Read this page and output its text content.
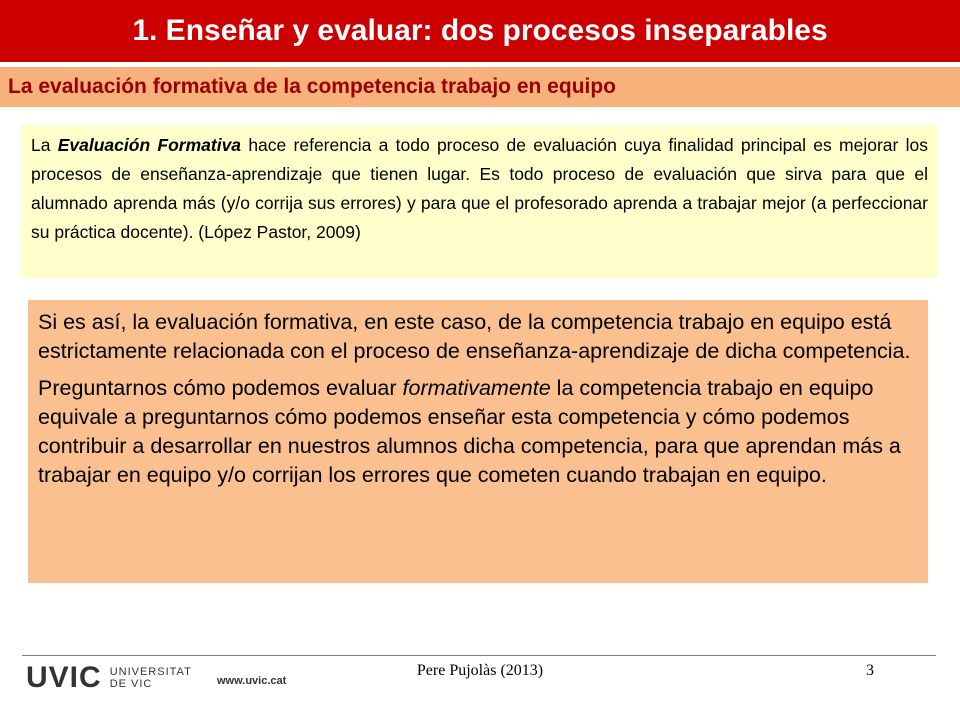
1. Enseñar y evaluar: dos procesos inseparables
La evaluación formativa de la competencia trabajo en equipo
La Evaluación Formativa hace referencia a todo proceso de evaluación cuya finalidad principal es mejorar los procesos de enseñanza-aprendizaje que tienen lugar. Es todo proceso de evaluación que sirva para que el alumnado aprenda más (y/o corrija sus errores) y para que el profesorado aprenda a trabajar mejor (a perfeccionar su práctica docente). (López Pastor, 2009)

Si es así, la evaluación formativa, en este caso, de la competencia trabajo en equipo está estrictamente relacionada con el proceso de enseñanza-aprendizaje de dicha competencia.

Preguntarnos cómo podemos evaluar formativamente la competencia trabajo en equipo equivale a preguntarnos cómo podemos enseñar esta competencia y cómo podemos contribuir a desarrollar en nuestros alumnos dicha competencia, para que aprendan más a trabajar en equipo y/o corrijan los errores que cometen cuando trabajan en equipo.

UVIC UNIVERSITAT
DE VIC	www.uvic.cat
Pere Pujolàs (2013)	3
